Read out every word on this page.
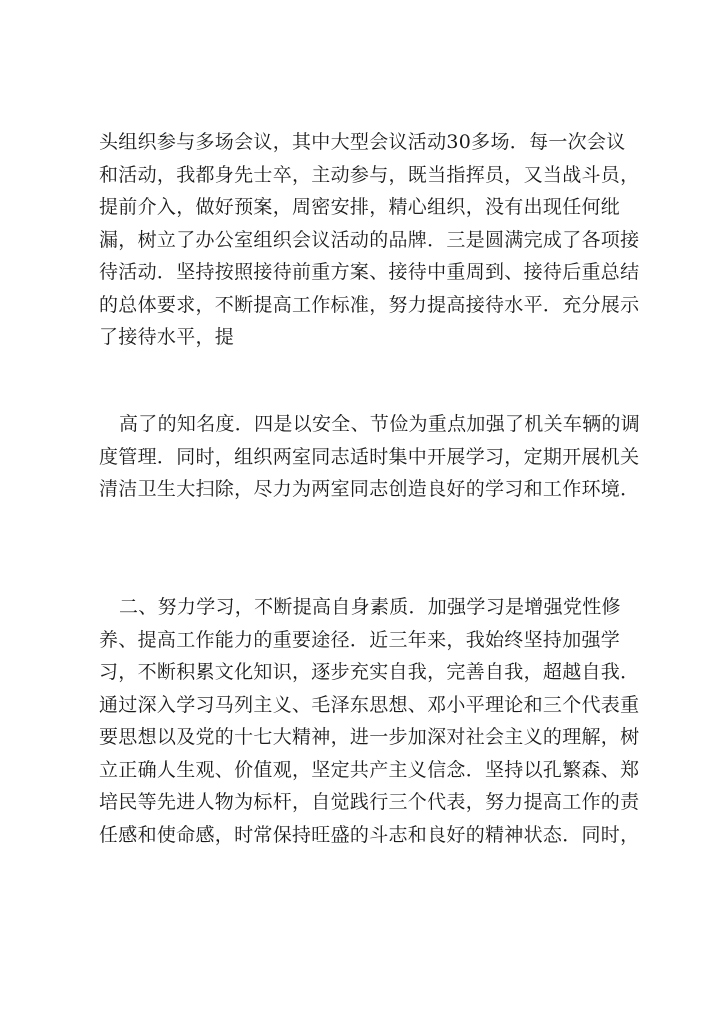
头组织参与多场会议，其中大型会议活动30多场．每一次会议
和活动，我都身先士卒，主动参与，既当指挥员，又当战斗员，
提前介入，做好预案，周密安排，精心组织，没有出现任何纰
漏，树立了办公室组织会议活动的品牌．三是圆满完成了各项接
待活动．坚持按照接待前重方案、接待中重周到、接待后重总结
的总体要求，不断提高工作标准，努力提高接待水平．充分展示
了接待水平，提
高了的知名度．四是以安全、节俭为重点加强了机关车辆的调
度管理．同时，组织两室同志适时集中开展学习，定期开展机关
清洁卫生大扫除，尽力为两室同志创造良好的学习和工作环境．
二、努力学习，不断提高自身素质．加强学习是增强党性修
养、提高工作能力的重要途径．近三年来，我始终坚持加强学
习，不断积累文化知识，逐步充实自我，完善自我，超越自我．
通过深入学习马列主义、毛泽东思想、邓小平理论和三个代表重
要思想以及党的十七大精神，进一步加深对社会主义的理解，树
立正确人生观、价值观，坚定共产主义信念．坚持以孔繁森、郑
培民等先进人物为标杆，自觉践行三个代表，努力提高工作的责
任感和使命感，时常保持旺盛的斗志和良好的精神状态．同时，
